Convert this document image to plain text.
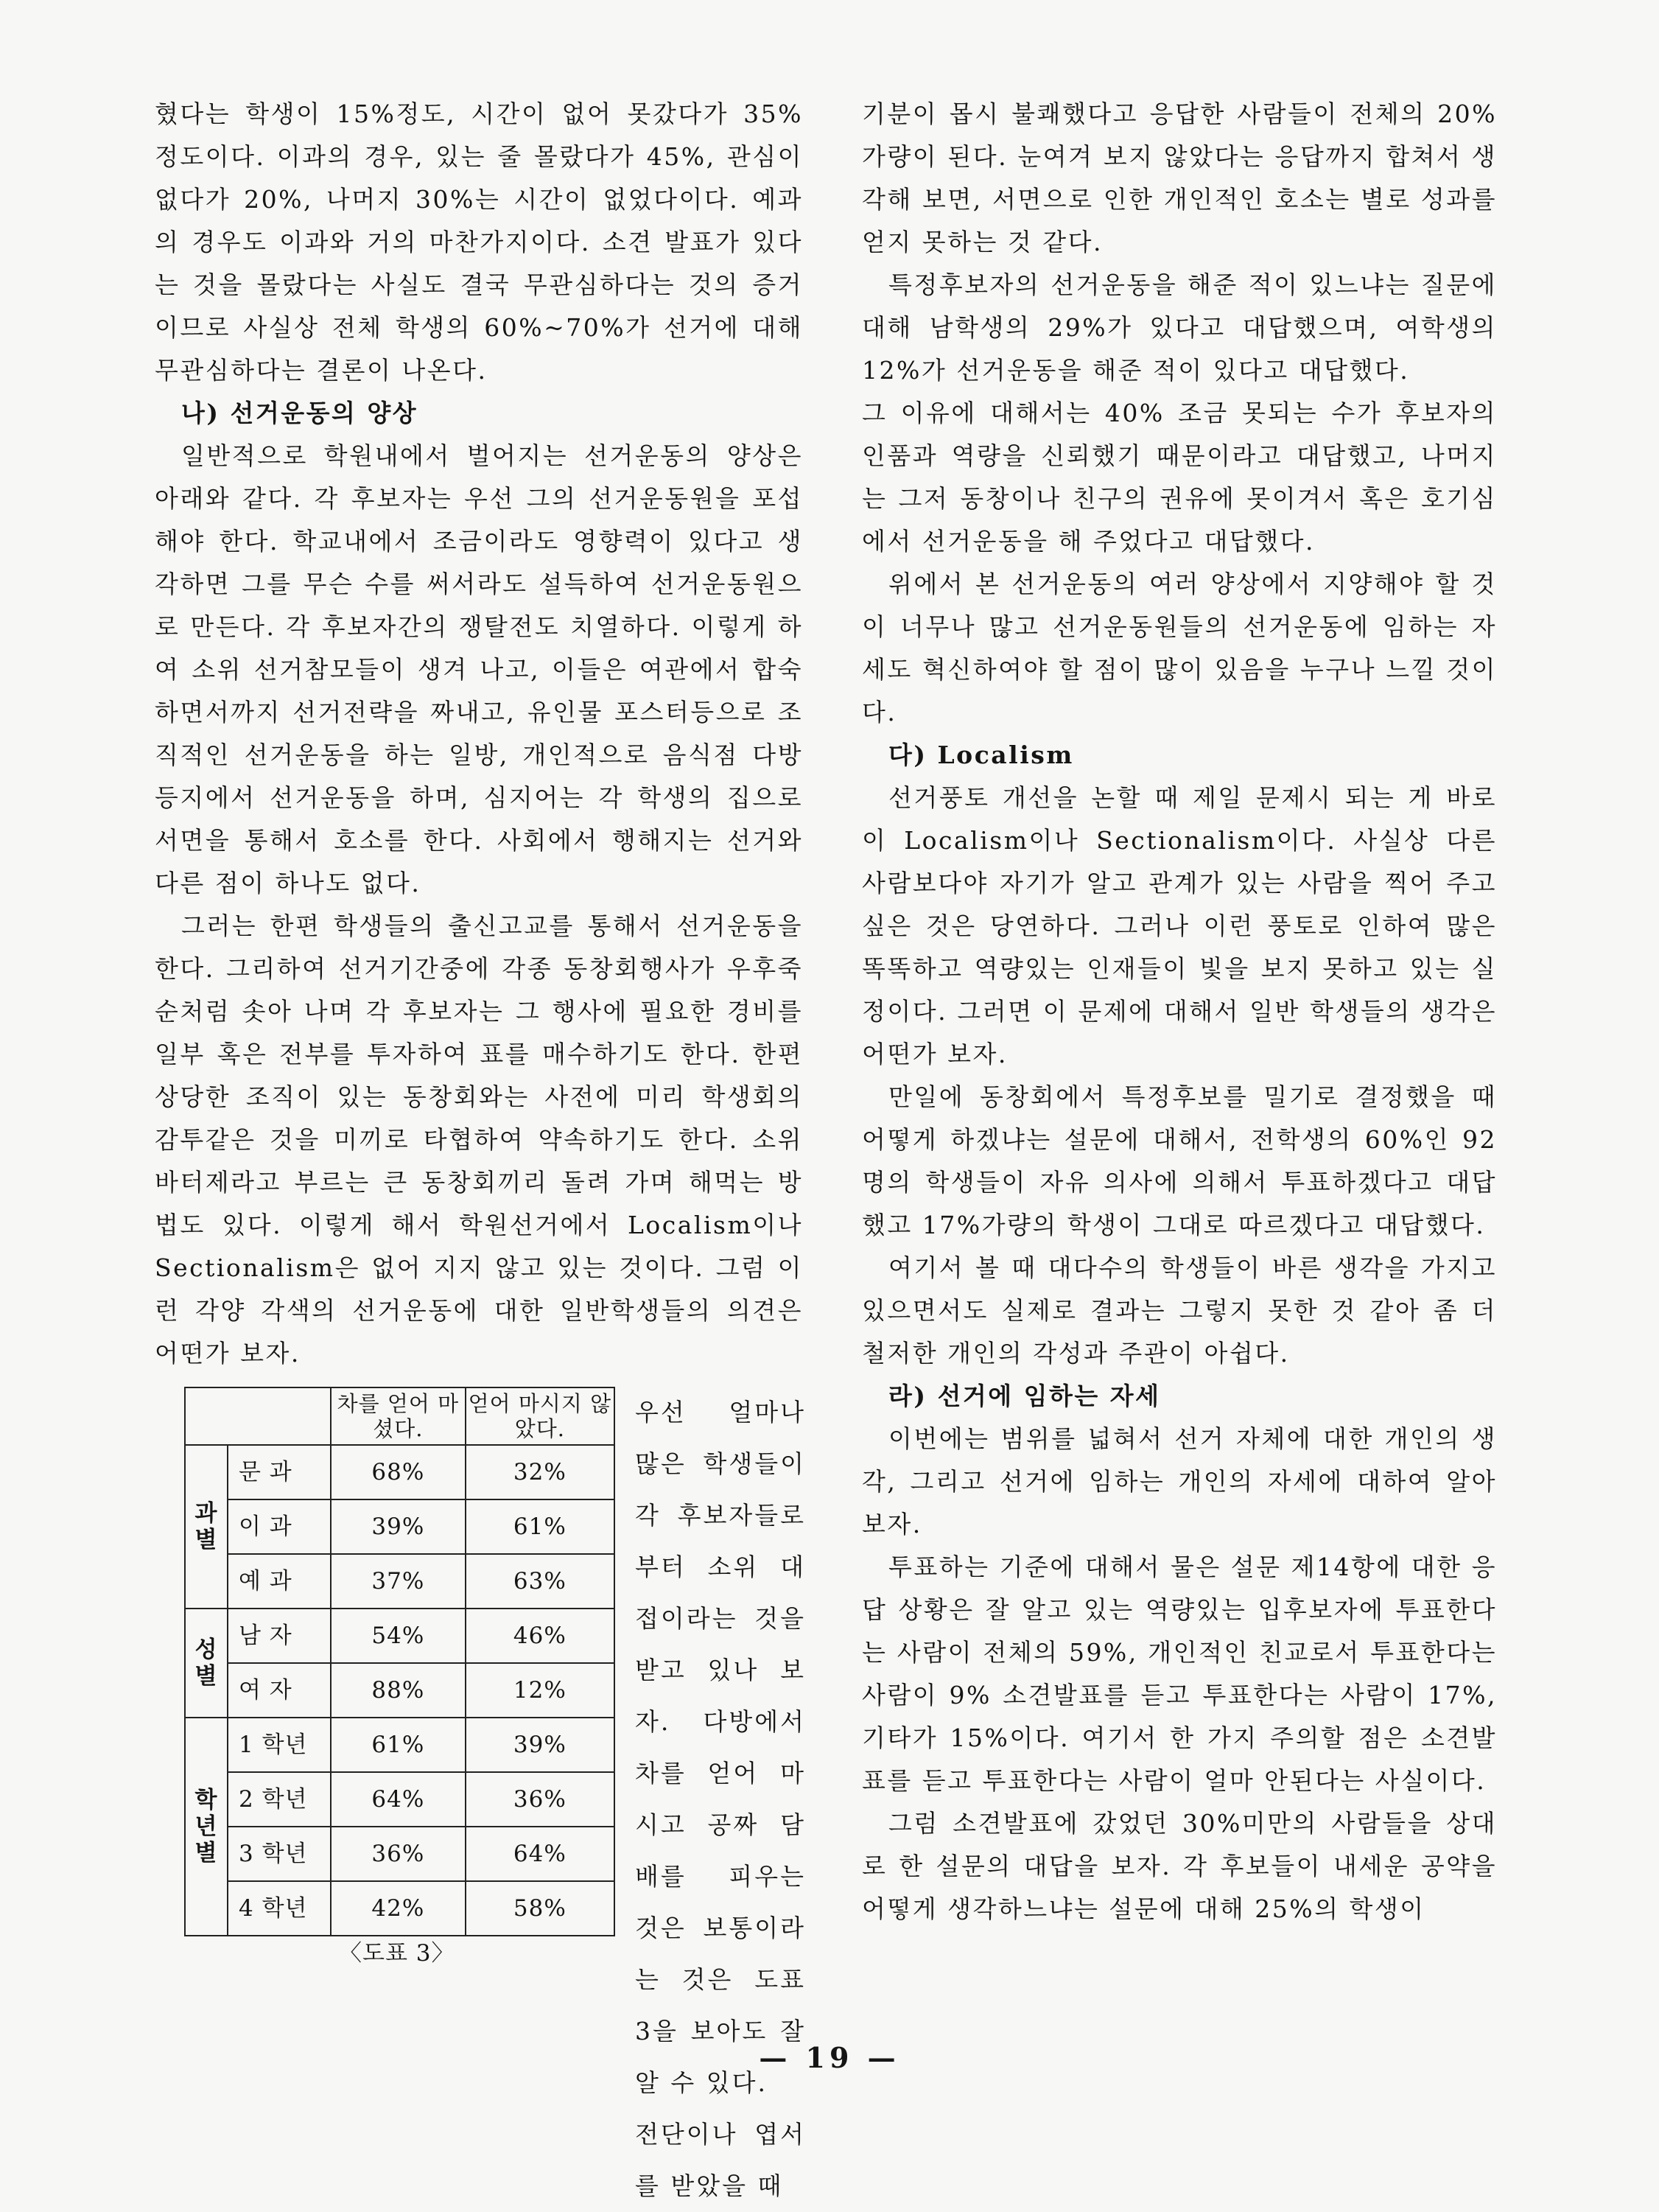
혔다는 학생이 15%정도, 시간이 없어 못갔다가 35% 정도이다. 이과의 경우, 있는 줄 몰랐다가 45%, 관심이 없다가 20%, 나머지 30%는 시간이 없었다이다. 예과의 경우도 이과와 거의 마찬가지이다. 소견 발표가 있다는 것을 몰랐다는 사실도 결국 무관심하다는 것의 증거이므로 사실상 전체 학생의 60%~70%가 선거에 대해 무관심하다는 결론이 나온다.

나) 선거운동의 양상

일반적으로 학원내에서 벌어지는 선거운동의 양상은 아래와 같다. 각 후보자는 우선 그의 선거운동원을 포섭해야 한다. 학교내에서 조금이라도 영향력이 있다고 생각하면 그를 무슨 수를 써서라도 설득하여 선거운동원으로 만든다. 각 후보자간의 쟁탈전도 치열하다. 이렇게 하여 소위 선거참모들이 생겨 나고, 이들은 여관에서 합숙하면서까지 선거전략을 짜내고, 유인물 포스터등으로 조직적인 선거운동을 하는 일방, 개인적으로 음식점 다방 등지에서 선거운동을 하며, 심지어는 각 학생의 집으로 서면을 통해서 호소를 한다. 사회에서 행해지는 선거와 다른 점이 하나도 없다.

그러는 한편 학생들의 출신고교를 통해서 선거운동을 한다. 그리하여 선거기간중에 각종 동창회행사가 우후죽순처럼 솟아 나며 각 후보자는 그 행사에 필요한 경비를 일부 혹은 전부를 투자하여 표를 매수하기도 한다. 한편 상당한 조직이 있는 동창회와는 사전에 미리 학생회의 감투같은 것을 미끼로 타협하여 약속하기도 한다. 소위 바터제라고 부르는 큰 동창회끼리 돌려 가며 해먹는 방법도 있다. 이렇게 해서 학원선거에서 Localism이나 Sectionalism은 없어 지지 않고 있는 것이다. 그럼 이런 각양 각색의 선거운동에 대한 일반학생들의 의견은 어떤가 보자.

		차를 얻어 마셨다.	얻어 마시지 않았다.
과 별	문 과	68%	32%
	이 과	39%	61%
	예 과	37%	63%
성 별	남 자	54%	46%
	여 자	88%	12%
학 년 별	1 학년	61%	39%
	2 학년	64%	36%
	3 학년	36%	64%
	4 학년	42%	58%

우선 얼마나 많은 학생들이 각 후보자들로 부터 소위 대접이라는 것을 받고 있나 보자. 다방에서 차를 얻어 마시고 공짜 담배를 피우는 것은 보통이라는 것은 도표 3을 보아도 잘 알 수 있다.

전단이나 엽서를 받았을 때

〈도표 3〉

기분이 몹시 불쾌했다고 응답한 사람들이 전체의 20% 가량이 된다. 눈여겨 보지 않았다는 응답까지 합쳐서 생각해 보면, 서면으로 인한 개인적인 호소는 별로 성과를 얻지 못하는 것 같다.

특정후보자의 선거운동을 해준 적이 있느냐는 질문에 대해 남학생의 29%가 있다고 대답했으며, 여학생의 12%가 선거운동을 해준 적이 있다고 대답했다.

그 이유에 대해서는 40% 조금 못되는 수가 후보자의 인품과 역량을 신뢰했기 때문이라고 대답했고, 나머지는 그저 동창이나 친구의 권유에 못이겨서 혹은 호기심에서 선거운동을 해 주었다고 대답했다.

위에서 본 선거운동의 여러 양상에서 지양해야 할 것이 너무나 많고 선거운동원들의 선거운동에 임하는 자세도 혁신하여야 할 점이 많이 있음을 누구나 느낄 것이다.

다) Localism

선거풍토 개선을 논할 때 제일 문제시 되는 게 바로 이 Localism이나 Sectionalism이다. 사실상 다른 사람보다야 자기가 알고 관계가 있는 사람을 찍어 주고 싶은 것은 당연하다. 그러나 이런 풍토로 인하여 많은 똑똑하고 역량있는 인재들이 빛을 보지 못하고 있는 실정이다. 그러면 이 문제에 대해서 일반 학생들의 생각은 어떤가 보자.

만일에 동창회에서 특정후보를 밀기로 결정했을 때 어떻게 하겠냐는 설문에 대해서, 전학생의 60%인 92명의 학생들이 자유 의사에 의해서 투표하겠다고 대답했고 17%가량의 학생이 그대로 따르겠다고 대답했다.

여기서 볼 때 대다수의 학생들이 바른 생각을 가지고 있으면서도 실제로 결과는 그렇지 못한 것 같아 좀 더 철저한 개인의 각성과 주관이 아쉽다.

라) 선거에 임하는 자세

이번에는 범위를 넓혀서 선거 자체에 대한 개인의 생각, 그리고 선거에 임하는 개인의 자세에 대하여 알아 보자.

투표하는 기준에 대해서 물은 설문 제14항에 대한 응답 상황은 잘 알고 있는 역량있는 입후보자에 투표한다는 사람이 전체의 59%, 개인적인 친교로서 투표한다는 사람이 9% 소견발표를 듣고 투표한다는 사람이 17%, 기타가 15%이다. 여기서 한 가지 주의할 점은 소견발표를 듣고 투표한다는 사람이 얼마 안된다는 사실이다.

그럼 소견발표에 갔었던 30%미만의 사람들을 상대로 한 설문의 대답을 보자. 각 후보들이 내세운 공약을 어떻게 생각하느냐는 설문에 대해 25%의 학생이

— 19 —
